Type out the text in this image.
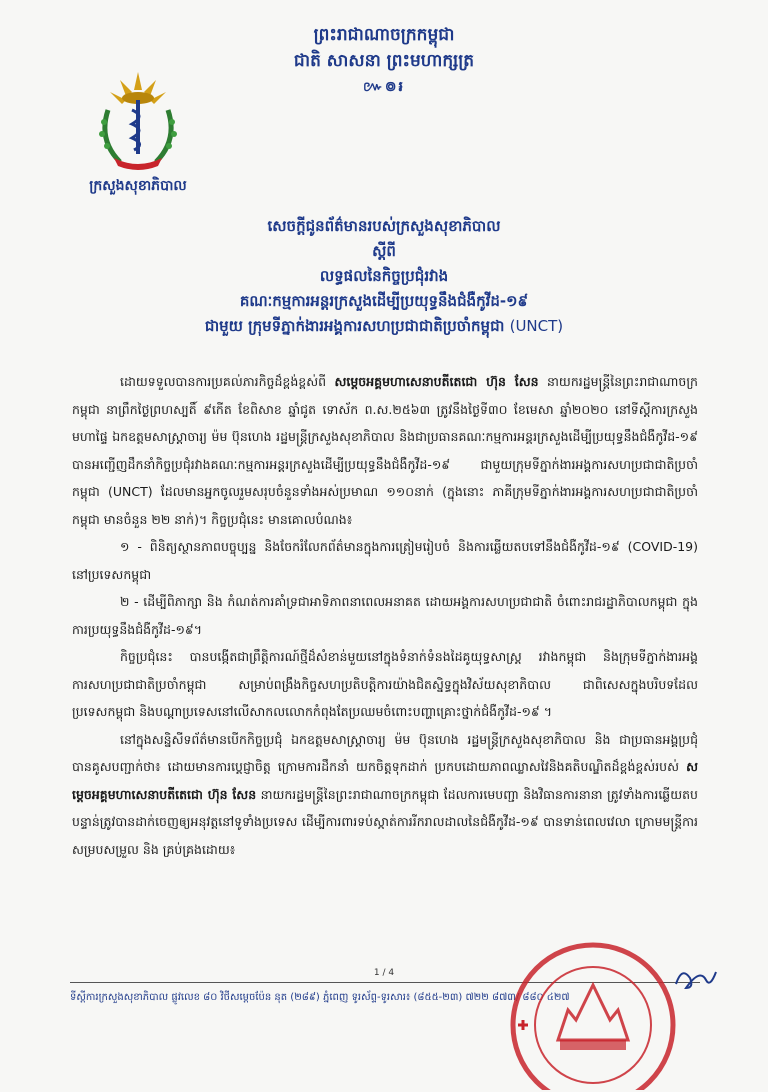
ព្រះរាជាណាចក្រកម្ពុជា
ជាតិ សាសនា ព្រះមហាក្សត្រ
៚៙៛
ក្រសួងសុខាភិបាល
សេចក្តីជូនព័ត៌មានរបស់ក្រសួងសុខាភិបាល
ស្តីពី
លទ្ធផលនៃកិច្ចប្រជុំរវាង
គណៈកម្មការអន្តរក្រសួងដើម្បីប្រយុទ្ធនឹងជំងឺកូវីដ-១៩
ជាមួយ ក្រុមទីភ្នាក់ងារអង្គការសហប្រជាជាតិប្រចាំកម្ពុជា (UNCT)

ដោយទទួលបានការប្រគល់ភារកិច្ចដ៏ខ្ពង់ខ្ពស់ពី សម្តេចអគ្គមហាសេនាបតីតេជោ ហ៊ុន សែន នាយករដ្ឋមន្ត្រីនៃព្រះរាជាណាចក្រកម្ពុជា នាព្រឹកថ្ងៃព្រហស្បតិ៍ ៩កើត ខែពិសាខ ឆ្នាំជូត ទោស័ក ព.ស.២៥៦៣ ត្រូវនឹងថ្ងៃទី៣០ ខែមេសា ឆ្នាំ២០២០ នៅទីស្តីការក្រសួងមហាផ្ទៃ ឯកឧត្តមសាស្ត្រាចារ្យ ម៉ម ប៊ុនហេង រដ្ឋមន្ត្រីក្រសួងសុខាភិបាល និងជាប្រធានគណៈកម្មការអន្តរក្រសួងដើម្បីប្រយុទ្ធនឹងជំងឺកូវីដ-១៩ បានអញ្ជើញដឹកនាំកិច្ចប្រជុំរវាងគណៈកម្មការអន្តរក្រសួងដើម្បីប្រយុទ្ធនឹងជំងឺកូវីដ-១៩ ជាមួយក្រុមទីភ្នាក់ងារអង្គការសហប្រជាជាតិប្រចាំកម្ពុជា (UNCT) ដែលមានអ្នកចូលរួមសរុបចំនួនទាំងអស់ប្រមាណ ១១០នាក់ (ក្នុងនោះ ភាគីក្រុមទីភ្នាក់ងារអង្គការសហប្រជាជាតិប្រចាំកម្ពុជា មានចំនួន ២២ នាក់)។ កិច្ចប្រជុំនេះ មានគោលបំណង៖

១ - ពិនិត្យស្ថានភាពបច្ចុប្បន្ន និងចែករំលែកព័ត៌មានក្នុងការត្រៀមរៀបចំ និងការឆ្លើយតបទៅនឹងជំងឺកូវីដ-១៩ (COVID-19) នៅប្រទេសកម្ពុជា

២ - ដើម្បីពិភាក្សា និង កំណត់ការគាំទ្រជាអាទិភាពនាពេលអនាគត ដោយអង្គការសហប្រជាជាតិ ចំពោះរាជរដ្ឋាភិបាលកម្ពុជា ក្នុងការប្រយុទ្ធនឹងជំងឺកូវីដ-១៩។

កិច្ចប្រជុំនេះ បានបង្កើតជាព្រឹត្តិការណ៍ថ្មីដ៏សំខាន់មួយនៅក្នុងទំនាក់ទំនងដៃគូយុទ្ធសាស្ត្រ រវាងកម្ពុជា និងក្រុមទីភ្នាក់ងារអង្គការសហប្រជាជាតិប្រចាំកម្ពុជា សម្រាប់ពង្រឹងកិច្ចសហប្រតិបត្តិការយ៉ាងជិតស្និទ្ធក្នុងវិស័យសុខាភិបាល ជាពិសេសក្នុងបរិបទដែលប្រទេសកម្ពុជា និងបណ្តាប្រទេសនៅលើសាកលលោកកំពុងតែប្រឈមចំពោះបញ្ហាគ្រោះថ្នាក់ជំងឺកូវីដ-១៩ ។

នៅក្នុងសន្និសីទព័ត៌មានបើកកិច្ចប្រជុំ ឯកឧត្តមសាស្ត្រាចារ្យ ម៉ម ប៊ុនហេង រដ្ឋមន្ត្រីក្រសួងសុខាភិបាល និង ជាប្រធានអង្គប្រជុំ បានគូសបញ្ជាក់ថា៖ ដោយមានការប្តេជ្ញាចិត្ត ក្រោមការដឹកនាំ យកចិត្តទុកដាក់ ប្រកបដោយភាពឈ្លាសវៃនិងគតិបណ្ឌិតដ៏ខ្ពង់ខ្ពស់របស់ សម្តេចអគ្គមហាសេនាបតីតេជោ ហ៊ុន សែន នាយករដ្ឋមន្ត្រីនៃព្រះរាជាណាចក្រកម្ពុជា ដែលការមេបញ្ជា និងវិធានការនានា ត្រូវទាំងការឆ្លើយតបបន្ទាន់ត្រូវបានដាក់ចេញឲ្យអនុវត្តនៅទូទាំងប្រទេស ដើម្បីការពារទប់ស្កាត់ការរីករាលដាលនៃជំងឺកូវីដ-១៩ បានទាន់ពេលវេលា ក្រោមមន្ត្រីការសម្របសម្រួល និង គ្រប់គ្រងដោយ៖

1 / 4
ទីស្តីការក្រសួងសុខាភិបាល ផ្លូវលេខ ៨០ វិថីសម្តេចប៉ែន នុត (២៨៩) ភ្នំពេញ ទូរស័ព្ទ-ទូរសារ៖ (៨៥៥-២៣) ៧២២ ៨៧៣/ ៨៨០ ៤២៧
